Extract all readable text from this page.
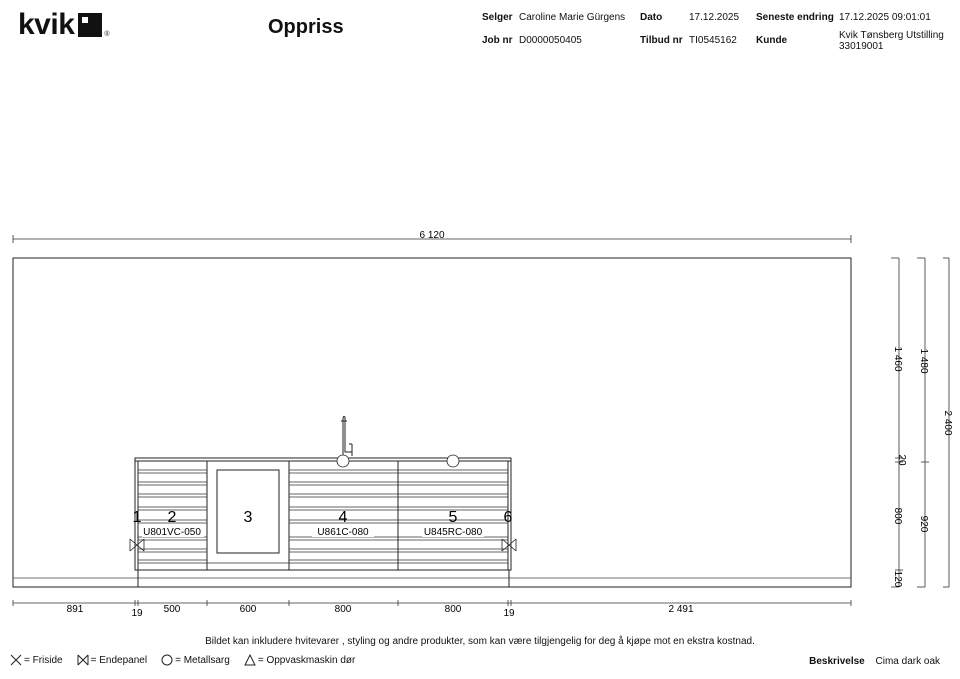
kvik	®	Oppriss	Selger Caroline Marie Gürgens Dato	17.12.2025 Seneste endring 17.12.2025 09:01:01
Job nr D0000050405	Tilbud nr TI0545162 Kunde	Kvik Tønsberg Utstilling
33019001
6 120
1 2	3	4	5	6
U801VC-050	U861C-080	U845RC-080
891	19 500	600	800	800	19	2 491
1 460
20
800
120
1 480
920
2 400
Bildet kan inkludere hvitevarer , styling og andre produkter, som kan være tilgjengelig for deg å kjøpe mot en ekstra kostnad.
= Friside	= Endepanel	= Metallsarg	= Oppvaskmaskin dør	Beskrivelse Cima dark oak
